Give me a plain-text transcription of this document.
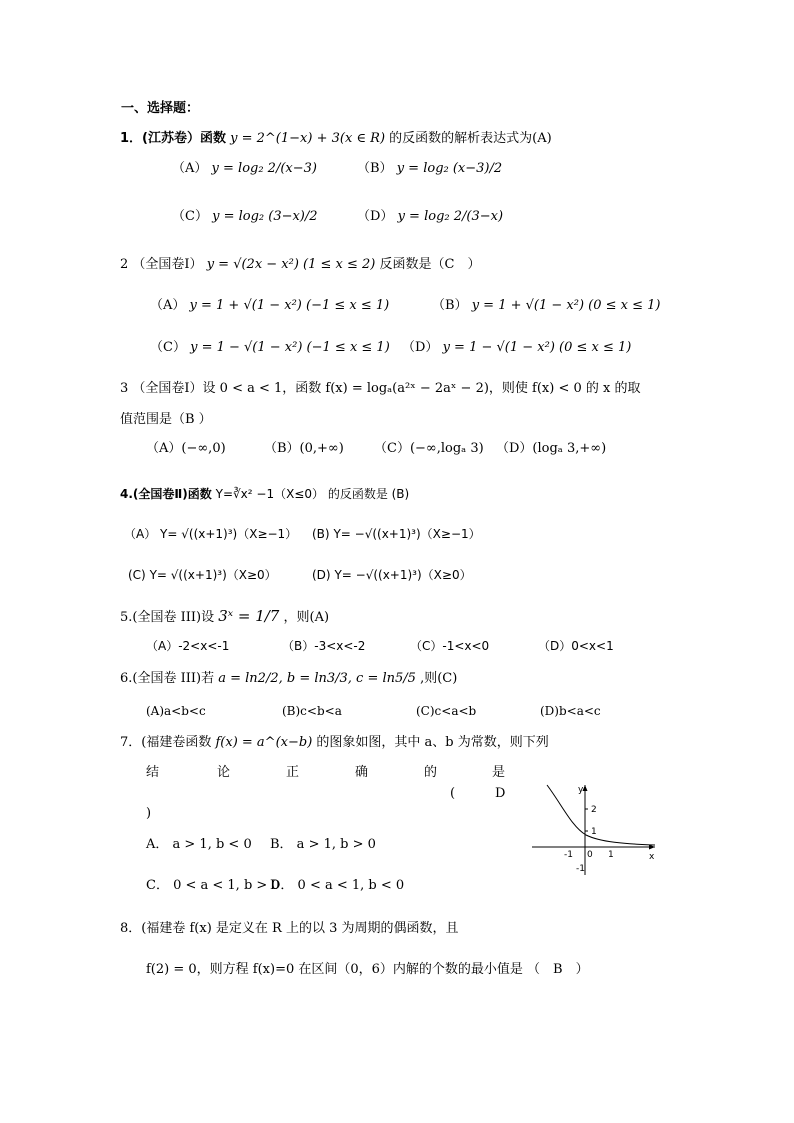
一、选择题：
1．(江苏卷）函数 y = 2^(1−x) + 3(x ∈ R) 的反函数的解析表达式为(A)
（A） y = log₂ 2/(x−3)	（B） y = log₂ (x−3)/2
（C） y = log₂ (3−x)/2	（D） y = log₂ 2/(3−x)
2 （全国卷Ⅰ） y = √(2x − x²) (1 ≤ x ≤ 2) 反函数是（C　）
（A） y = 1 + √(1 − x²) (−1 ≤ x ≤ 1)	（B） y = 1 + √(1 − x²) (0 ≤ x ≤ 1)
（C） y = 1 − √(1 − x²) (−1 ≤ x ≤ 1) （D） y = 1 − √(1 − x²) (0 ≤ x ≤ 1)
3 （全国卷Ⅰ）设 0 < a < 1，函数 f(x) = logₐ(a²ˣ − 2aˣ − 2)，则使 f(x) < 0 的 x 的取
值范围是（B ）
（A）(−∞,0)	（B）(0,+∞) （C）(−∞,logₐ 3) （D）(logₐ 3,+∞)
4.(全国卷Ⅱ)函数 Y=∛x² −1（X≤0） 的反函数是 (B)
（A） Y= √((x+1)³)（X≥−1） (B) Y= −√((x+1)³)（X≥−1）
(C) Y= √((x+1)³)（X≥0）	(D) Y= −√((x+1)³)（X≥0）
5.(全国卷 III)设 3ˣ = 1/7 ，则(A)
（A）-2<x<-1	（B）-3<x<-2	（C）-1<x<0	（D）0<x<1
6.(全国卷 III)若 a = ln2/2, b = ln3/3, c = ln5/5 ,则(C)
(A)a<b<c	(B)c<b<a	(C)c<a<b	(D)b<a<c
7．(福建卷函数 f(x) = a^(x−b) 的图象如图，其中 a、b 为常数，则下列
结	论	正	确	的	是
(	D
)
A． a > 1, b < 0 B． a > 1, b > 0
C． 0 < a < 1, b > 0
D． 0 < a < 1, b < 0
y
x
2
1
-1 0 1
-1
8．(福建卷 f(x) 是定义在 R 上的以 3 为周期的偶函数，且
f(2) = 0，则方程 f(x)=0 在区间（0，6）内解的个数的最小值是 （　B　）
